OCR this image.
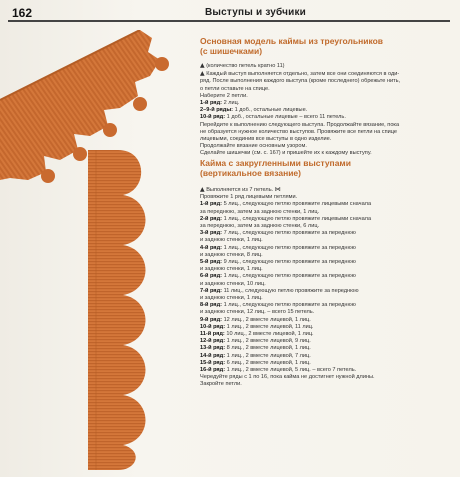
162	Выступы и зубчики
Основная модель каймы из треугольников
(с шишечками)

▲ (количество петель кратно 11)

▲ Каждый выступ выполняется отдельно, затем все они соединяются в оди-

ряд. После выполнения каждого выступа (кроме последнего) обрежьте нить,

о петли оставьте на спице.

Наберите 2 петли.

1-й ряд: 2 лиц.

2–9-й ряды: 1 доб., остальные лицевые.

10-й ряд: 1 доб., остальные лицевые – всего 11 петель.

Перейдите к выполнению следующего выступа. Продолжайте вязание, пока

не образуется нужное количество выступов. Провяжите все петли на спице

лицевыми, соединив все выступы в одно изделие.

Продолжайте вязание основным узором.

Сделайте шишечки (см. с. 167) и пришейте их к каждому выступу.

Кайма с закругленными выступами
(вертикальное вязание)

▲ Выполняется из 7 петель. ⋈

Провяжите 1 ряд лицевыми петлями.

1-й ряд: 5 лиц., следующую петлю провяжите лицевыми сначала

за переднюю, затем за заднюю стенки, 1 лиц.

2-й ряд: 1 лиц., следующую петлю провяжите лицевыми сначала

за переднюю, затем за заднюю стенки, 6 лиц.

3-й ряд: 7 лиц., следующую петлю провяжите за переднюю

и заднюю стенки, 1 лиц.

4-й ряд: 1 лиц., следующую петлю провяжите за переднюю

и заднюю стенки, 8 лиц.

5-й ряд: 9 лиц., следующую петлю провяжите за переднюю

и заднюю стенки, 1 лиц.

6-й ряд: 1 лиц., следующую петлю провяжите за переднюю

и заднюю стенки, 10 лиц.

7-й ряд: 11 лиц., следующую петлю провяжите за переднюю

и заднюю стенки, 1 лиц.

8-й ряд: 1 лиц., следующую петлю провяжите за переднюю

и заднюю стенки, 12 лиц. – всего 15 петель.

9-й ряд: 12 лиц., 2 вместе лицевой, 1 лиц.

10-й ряд: 1 лиц., 2 вместе лицевой, 11 лиц.

11-й ряд: 10 лиц., 2 вместе лицевой, 1 лиц.

12-й ряд: 1 лиц., 2 вместе лицевой, 9 лиц.

13-й ряд: 8 лиц., 2 вместе лицевой, 1 лиц.

14-й ряд: 1 лиц., 2 вместе лицевой, 7 лиц.

15-й ряд: 6 лиц., 2 вместе лицевой, 1 лиц.

16-й ряд: 1 лиц., 2 вместе лицевой, 5 лиц. – всего 7 петель.

Чередуйте ряды с 1 по 16, пока кайма не достигнет нужной длины.

Закройте петли.
